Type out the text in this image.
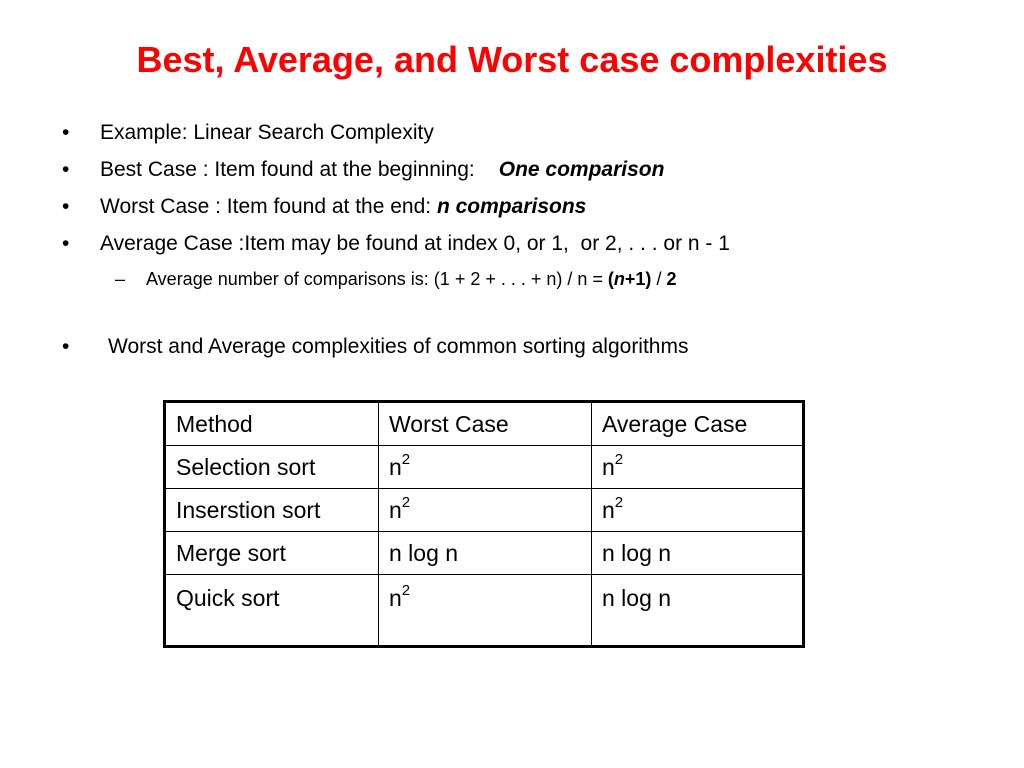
Best, Average, and Worst case complexities
• Example: Linear Search Complexity
• Best Case : Item found at the beginning: One comparison
• Worst Case : Item found at the end: n comparisons
• Average Case :Item may be found at index 0, or 1,  or 2, . . . or n - 1
– Average number of comparisons is: (1 + 2 + . . . + n) / n = (n+1) / 2
• Worst and Average complexities of common sorting algorithms
Method	Worst Case	Average Case
Selection sort	$n^2$	$n^2$
Inserstion sort	$n^2$	$n^2$
Merge sort	n log n	n log n
Quick sort	$n^2$	n log n
